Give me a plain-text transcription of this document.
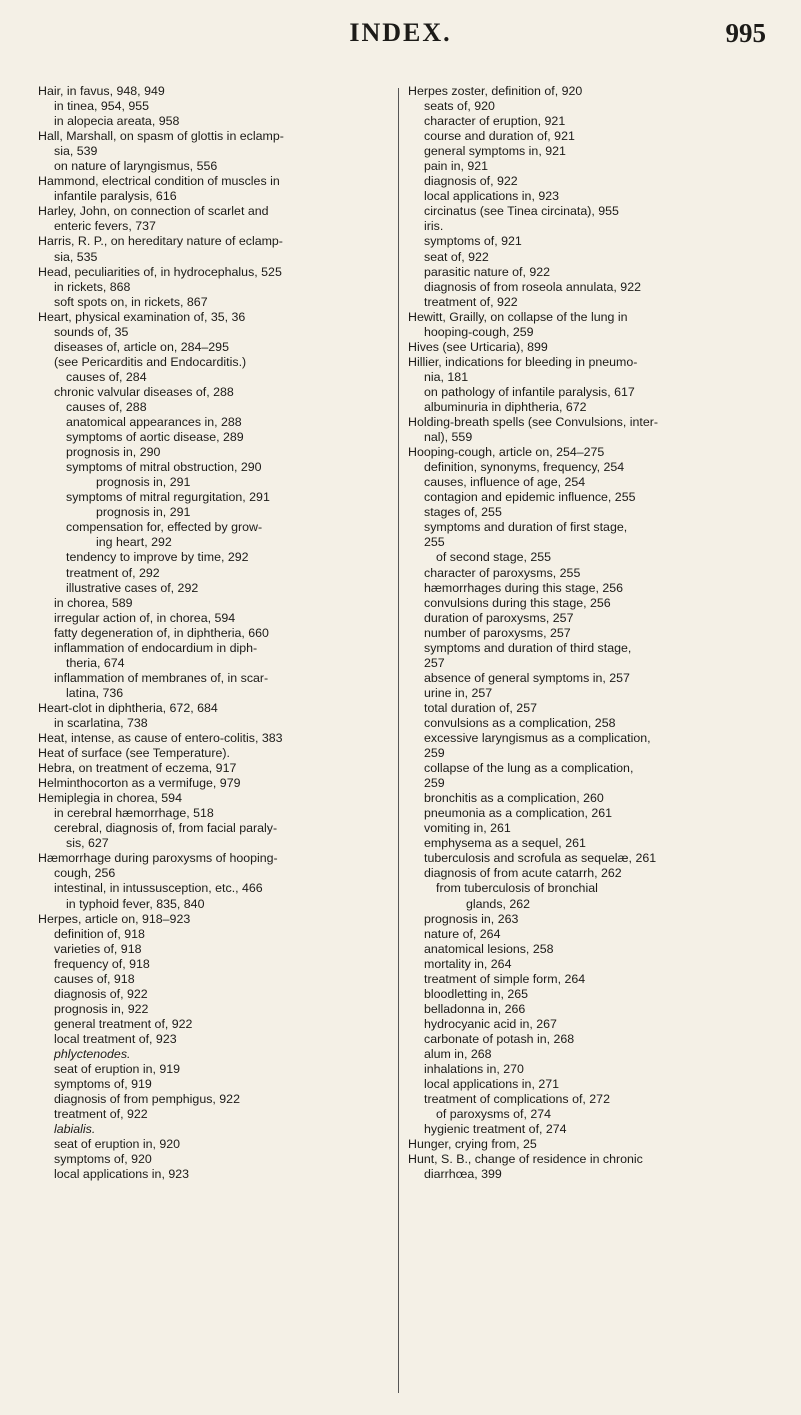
INDEX.	995
Hair, in favus, 948, 949
in tinea, 954, 955
in alopecia areata, 958
Hall, Marshall, on spasm of glottis in eclamp-
sia, 539
on nature of laryngismus, 556
Hammond, electrical condition of muscles in
infantile paralysis, 616
Harley, John, on connection of scarlet and
enteric fevers, 737
Harris, R. P., on hereditary nature of eclamp-
sia, 535
Head, peculiarities of, in hydrocephalus, 525
in rickets, 868
soft spots on, in rickets, 867
Heart, physical examination of, 35, 36
sounds of, 35
diseases of, article on, 284–295
(see Pericarditis and Endocarditis.)
causes of, 284
chronic valvular diseases of, 288
causes of, 288
anatomical appearances in, 288
symptoms of aortic disease, 289
prognosis in, 290
symptoms of mitral obstruction, 290
prognosis in, 291
symptoms of mitral regurgitation, 291
prognosis in, 291
compensation for, effected by grow-
ing heart, 292
tendency to improve by time, 292
treatment of, 292
illustrative cases of, 292
in chorea, 589
irregular action of, in chorea, 594
fatty degeneration of, in diphtheria, 660
inflammation of endocardium in diph-
theria, 674
inflammation of membranes of, in scar-
latina, 736
Heart-clot in diphtheria, 672, 684
in scarlatina, 738
Heat, intense, as cause of entero-colitis, 383
Heat of surface (see Temperature).
Hebra, on treatment of eczema, 917
Helminthocorton as a vermifuge, 979
Hemiplegia in chorea, 594
in cerebral hæmorrhage, 518
cerebral, diagnosis of, from facial paraly-
sis, 627
Hæmorrhage during paroxysms of hooping-
cough, 256
intestinal, in intussusception, etc., 466
in typhoid fever, 835, 840
Herpes, article on, 918–923
definition of, 918
varieties of, 918
frequency of, 918
causes of, 918
diagnosis of, 922
prognosis in, 922
general treatment of, 922
local treatment of, 923
phlyctenodes.
seat of eruption in, 919
symptoms of, 919
diagnosis of from pemphigus, 922
treatment of, 922
labialis.
seat of eruption in, 920
symptoms of, 920
local applications in, 923
Herpes zoster, definition of, 920
seats of, 920
character of eruption, 921
course and duration of, 921
general symptoms in, 921
pain in, 921
diagnosis of, 922
local applications in, 923
circinatus (see Tinea circinata), 955
iris.
symptoms of, 921
seat of, 922
parasitic nature of, 922
diagnosis of from roseola annulata, 922
treatment of, 922
Hewitt, Grailly, on collapse of the lung in
hooping-cough, 259
Hives (see Urticaria), 899
Hillier, indications for bleeding in pneumo-
nia, 181
on pathology of infantile paralysis, 617
albuminuria in diphtheria, 672
Holding-breath spells (see Convulsions, inter-
nal), 559
Hooping-cough, article on, 254–275
definition, synonyms, frequency, 254
causes, influence of age, 254
contagion and epidemic influence, 255
stages of, 255
symptoms and duration of first stage,
255
of second stage, 255
character of paroxysms, 255
hæmorrhages during this stage, 256
convulsions during this stage, 256
duration of paroxysms, 257
number of paroxysms, 257
symptoms and duration of third stage,
257
absence of general symptoms in, 257
urine in, 257
total duration of, 257
convulsions as a complication, 258
excessive laryngismus as a complication,
259
collapse of the lung as a complication,
259
bronchitis as a complication, 260
pneumonia as a complication, 261
vomiting in, 261
emphysema as a sequel, 261
tuberculosis and scrofula as sequelæ, 261
diagnosis of from acute catarrh, 262
from tuberculosis of bronchial
glands, 262
prognosis in, 263
nature of, 264
anatomical lesions, 258
mortality in, 264
treatment of simple form, 264
bloodletting in, 265
belladonna in, 266
hydrocyanic acid in, 267
carbonate of potash in, 268
alum in, 268
inhalations in, 270
local applications in, 271
treatment of complications of, 272
of paroxysms of, 274
hygienic treatment of, 274
Hunger, crying from, 25
Hunt, S. B., change of residence in chronic
diarrhœa, 399
